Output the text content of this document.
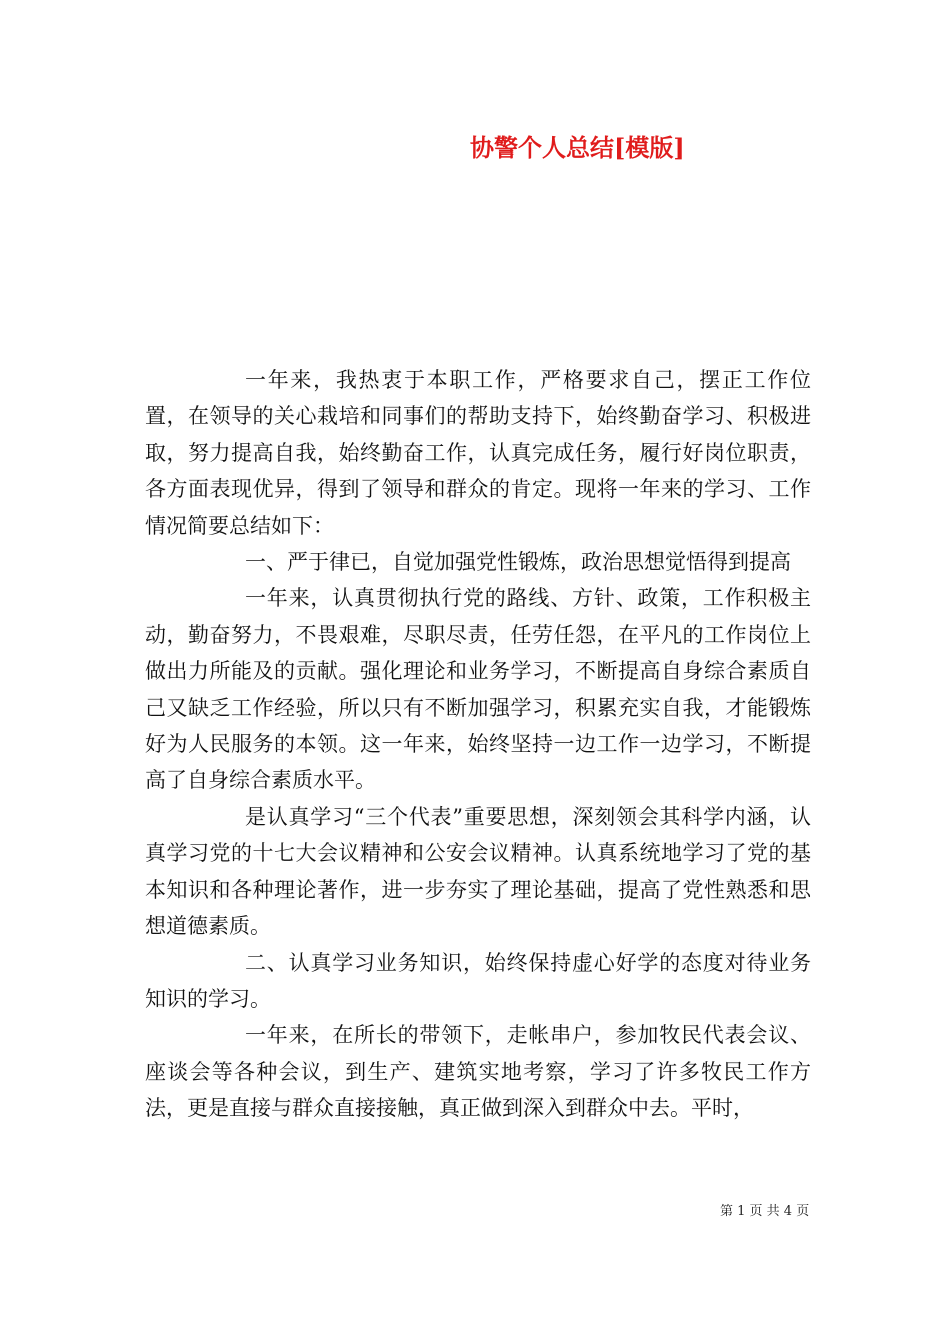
协警个人总结[模版]

一年来，我热衷于本职工作，严格要求自己，摆正工作位置，在领导的关心栽培和同事们的帮助支持下，始终勤奋学习、积极进取，努力提高自我，始终勤奋工作，认真完成任务，履行好岗位职责，各方面表现优异，得到了领导和群众的肯定。现将一年来的学习、工作情况简要总结如下：

一、严于律已，自觉加强党性锻炼，政治思想觉悟得到提高

一年来，认真贯彻执行党的路线、方针、政策，工作积极主动，勤奋努力，不畏艰难，尽职尽责，任劳任怨，在平凡的工作岗位上做出力所能及的贡献。强化理论和业务学习，不断提高自身综合素质自己又缺乏工作经验，所以只有不断加强学习，积累充实自我，才能锻炼好为人民服务的本领。这一年来，始终坚持一边工作一边学习，不断提高了自身综合素质水平。

是认真学习“三个代表”重要思想，深刻领会其科学内涵，认真学习党的十七大会议精神和公安会议精神。认真系统地学习了党的基本知识和各种理论著作，进一步夯实了理论基础，提高了党性熟悉和思想道德素质。

二、认真学习业务知识，始终保持虚心好学的态度对待业务知识的学习。

一年来，在所长的带领下，走帐串户，参加牧民代表会议、座谈会等各种会议，到生产、建筑实地考察，学习了许多牧民工作方法，更是直接与群众直接接触，真正做到深入到群众中去。平时，

第 1 页 共 4 页
